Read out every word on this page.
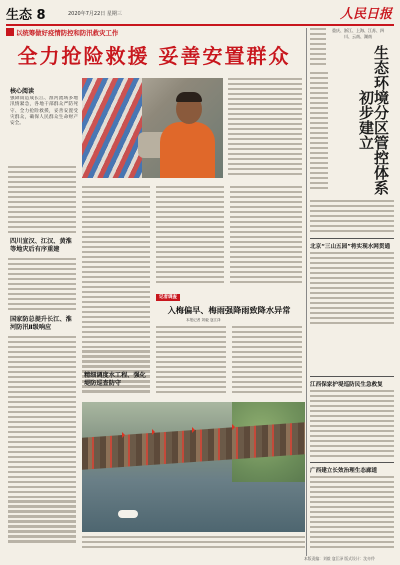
生态 8	2020年7月22日 星期三	人民日报
以统筹做好疫情防控和防汛救灾工作
全力抢险救援 妥善安置群众
核心阅读
强降雨造成长江、淮河流域多地汛情紧急，各地干部群众严防死守、全力抢险救援，妥善安置受灾群众，确保人民群众生命财产安全。
四川宣汉、江汉、黄淮等地灾后有序重建
国家防总提升长江、淮河防汛Ⅱ级响应
记者调查
入梅偏早、梅雨强降雨致降水异常
本报记者 刘毅 寇江泽
精细调度水工程、强化堤防巡查防守
重庆、浙江、上海、江苏、四川、云南、湖南
生态环境分区管控体系初步建立
北京“三山五园”将实现水网贯通
江西保家护堤巡防民生急救复
广西建立长效治理生态廊道
本版责编：刘毅 寇江泽 版式设计：沈亦伶
